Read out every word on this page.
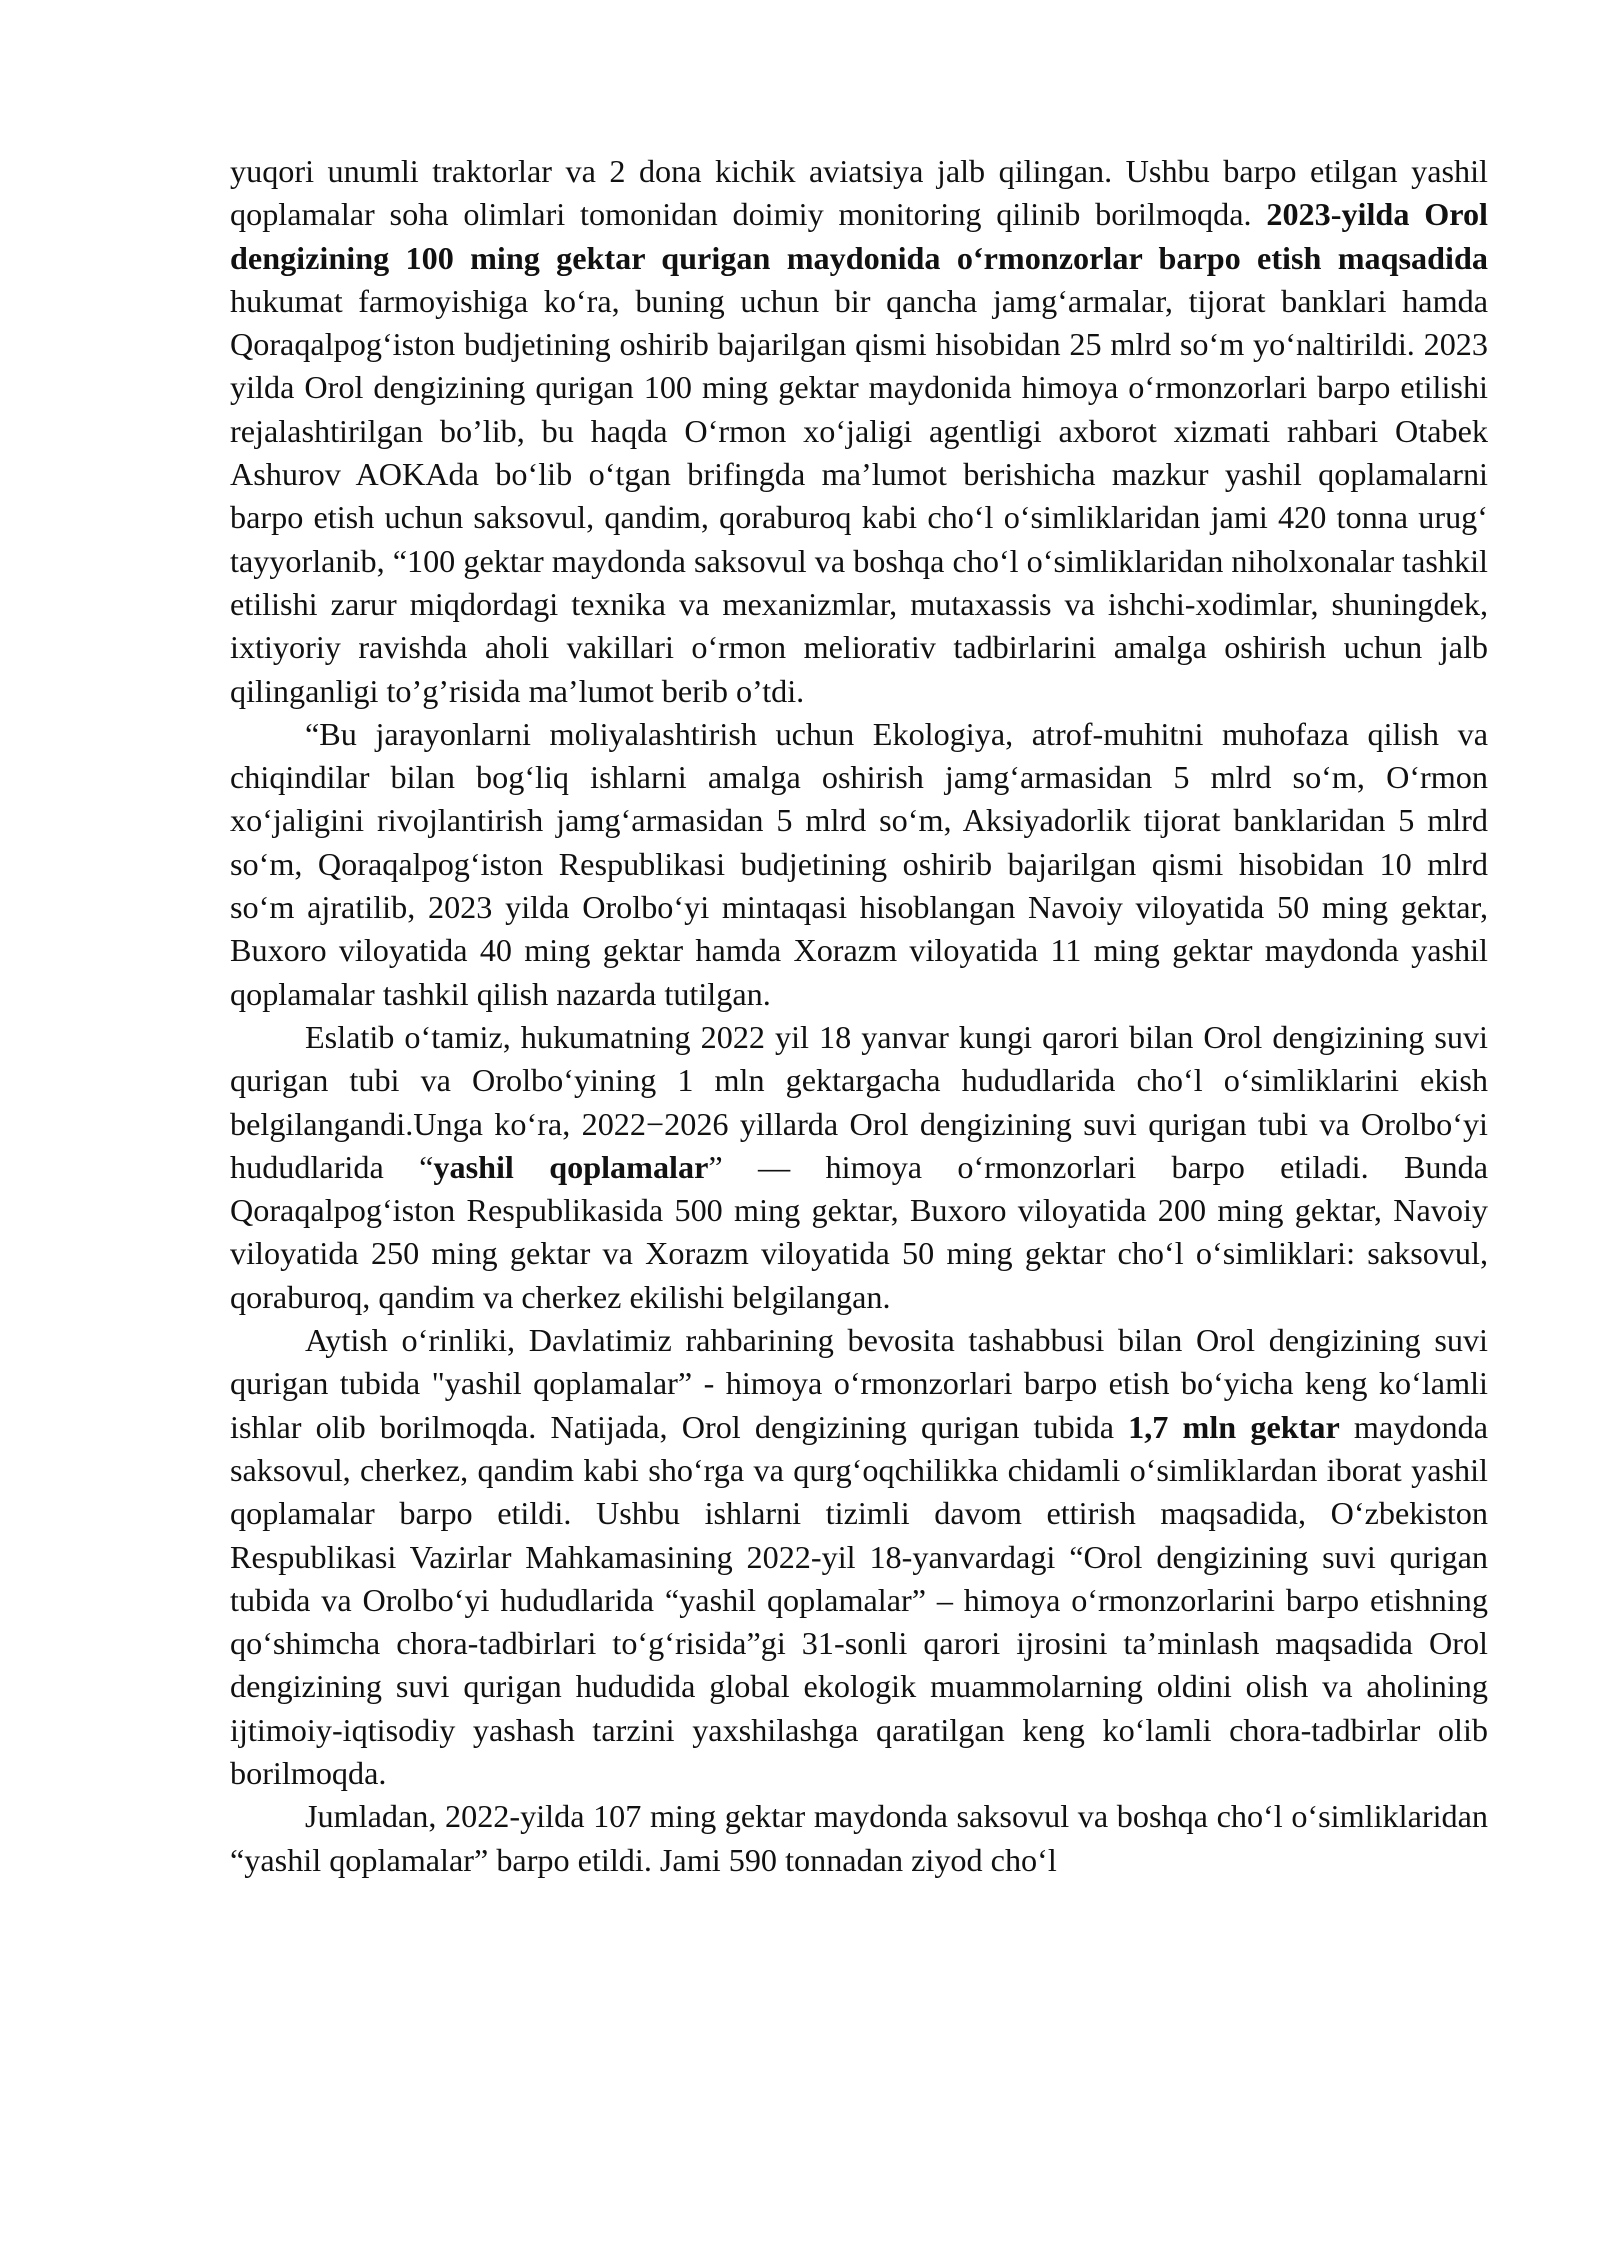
yuqori unumli traktorlar va 2 dona kichik aviatsiya jalb qilingan. Ushbu barpo etilgan yashil qoplamalar soha olimlari tomonidan doimiy monitoring qilinib borilmoqda. 2023-yilda Orol dengizining 100 ming gektar qurigan maydonida o‘rmonzorlar barpo etish maqsadida hukumat farmoyishiga ko‘ra, buning uchun bir qancha jamg‘armalar, tijorat banklari hamda Qoraqalpog‘iston budjetining oshirib bajarilgan qismi hisobidan 25 mlrd so‘m yo‘naltirildi. 2023 yilda Orol dengizining qurigan 100 ming gektar maydonida himoya o‘rmonzorlari barpo etilishi rejalashtirilgan bo’lib, bu haqda O‘rmon xo‘jaligi agentligi axborot xizmati rahbari Otabek Ashurov AOKAda bo‘lib o‘tgan brifingda ma’lumot berishicha mazkur yashil qoplamalarni barpo etish uchun saksovul, qandim, qoraburoq kabi cho‘l o‘simliklaridan jami 420 tonna urug‘ tayyorlanib, “100 gektar maydonda saksovul va boshqa cho‘l o‘simliklaridan niholxonalar tashkil etilishi zarur miqdordagi texnika va mexanizmlar, mutaxassis va ishchi-xodimlar, shuningdek, ixtiyoriy ravishda aholi vakillari o‘rmon meliorativ tadbirlarini amalga oshirish uchun jalb qilinganligi to’g’risida ma’lumot berib o’tdi.

“Bu jarayonlarni moliyalashtirish uchun Ekologiya, atrof-muhitni muhofaza qilish va chiqindilar bilan bog‘liq ishlarni amalga oshirish jamg‘armasidan 5 mlrd so‘m, O‘rmon xo‘jaligini rivojlantirish jamg‘armasidan 5 mlrd so‘m, Aksiyadorlik tijorat banklaridan 5 mlrd so‘m, Qoraqalpog‘iston Respublikasi budjetining oshirib bajarilgan qismi hisobidan 10 mlrd so‘m ajratilib, 2023 yilda Orolbo‘yi mintaqasi hisoblangan Navoiy viloyatida 50 ming gektar, Buxoro viloyatida 40 ming gektar hamda Xorazm viloyatida 11 ming gektar maydonda yashil qoplamalar tashkil qilish nazarda tutilgan.

Eslatib o‘tamiz, hukumatning 2022 yil 18 yanvar kungi qarori bilan Orol dengizining suvi qurigan tubi va Orolbo‘yining 1 mln gektargacha hududlarida cho‘l o‘simliklarini ekish belgilangandi.Unga ko‘ra, 2022−2026 yillarda Orol dengizining suvi qurigan tubi va Orolbo‘yi hududlarida “yashil qoplamalar” — himoya o‘rmonzorlari barpo etiladi. Bunda Qoraqalpog‘iston Respublikasida 500 ming gektar, Buxoro viloyatida 200 ming gektar, Navoiy viloyatida 250 ming gektar va Xorazm viloyatida 50 ming gektar cho‘l o‘simliklari: saksovul, qoraburoq, qandim va cherkez ekilishi belgilangan.

Aytish o‘rinliki, Davlatimiz rahbarining bevosita tashabbusi bilan Orol dengizining suvi qurigan tubida "yashil qoplamalar” - himoya o‘rmonzorlari barpo etish bo‘yicha keng ko‘lamli ishlar olib borilmoqda. Natijada, Orol dengizining qurigan tubida 1,7 mln gektar maydonda saksovul, cherkez, qandim kabi sho‘rga va qurg‘oqchilikka chidamli o‘simliklardan iborat yashil qoplamalar barpo etildi. Ushbu ishlarni tizimli davom ettirish maqsadida, O‘zbekiston Respublikasi Vazirlar Mahkamasining 2022-yil 18-yanvardagi “Orol dengizining suvi qurigan tubida va Orolbo‘yi hududlarida “yashil qoplamalar” – himoya o‘rmonzorlarini barpo etishning qo‘shimcha chora-tadbirlari to‘g‘risida”gi 31-sonli qarori ijrosini ta’minlash maqsadida Orol dengizining suvi qurigan hududida global ekologik muammolarning oldini olish va aholining ijtimoiy-iqtisodiy yashash tarzini yaxshilashga qaratilgan keng ko‘lamli chora-tadbirlar olib borilmoqda.

Jumladan, 2022-yilda 107 ming gektar maydonda saksovul va boshqa cho‘l o‘simliklaridan “yashil qoplamalar” barpo etildi. Jami 590 tonnadan ziyod cho‘l
